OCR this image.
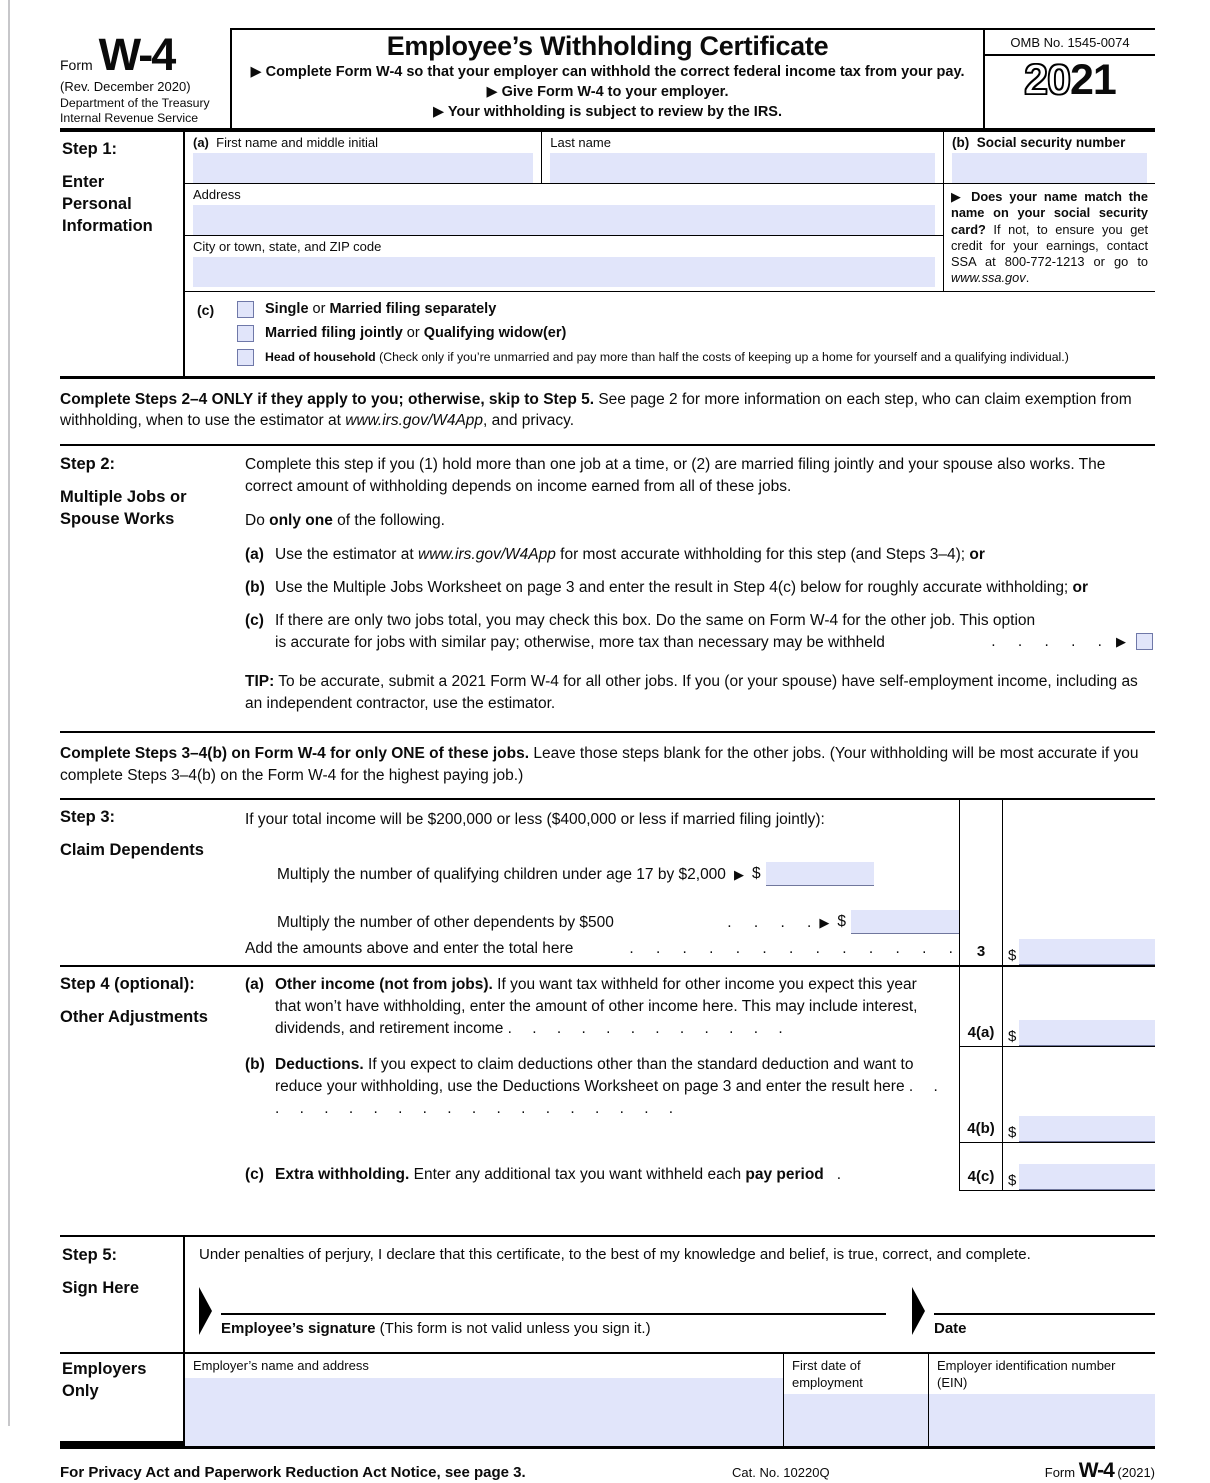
Form W-4
(Rev. December 2020)
Department of the Treasury
Internal Revenue Service
Employee’s Withholding Certificate
▶ Complete Form W-4 so that your employer can withhold the correct federal income tax from your pay.
▶ Give Form W-4 to your employer.
▶ Your withholding is subject to review by the IRS.
OMB No. 1545-0074
2021
Step 1:
Enter Personal Information
(a) First name and middle initial	Last name
Address
City or town, state, and ZIP code
(b) Social security number
▶ Does your name match the name on your social security card? If not, to ensure you get credit for your earnings, contact SSA at 800-772-1213 or go to www.ssa.gov.
(c)	Single or Married filing separately
Married filing jointly or Qualifying widow(er)
Head of household (Check only if you’re unmarried and pay more than half the costs of keeping up a home for yourself and a qualifying individual.)
Complete Steps 2–4 ONLY if they apply to you; otherwise, skip to Step 5. See page 2 for more information on each step, who can claim exemption from withholding, when to use the estimator at www.irs.gov/W4App, and privacy.
Step 2:
Multiple Jobs or Spouse Works
Complete this step if you (1) hold more than one job at a time, or (2) are married filing jointly and your spouse also works. The correct amount of withholding depends on income earned from all of these jobs.
Do only one of the following.
(a) Use the estimator at www.irs.gov/W4App for most accurate withholding for this step (and Steps 3–4); or
(b) Use the Multiple Jobs Worksheet on page 3 and enter the result in Step 4(c) below for roughly accurate withholding; or
(c) If there are only two jobs total, you may check this box. Do the same on Form W-4 for the other job. This option is accurate for jobs with similar pay; otherwise, more tax than necessary may be withheld	. . . . . ▶
TIP: To be accurate, submit a 2021 Form W-4 for all other jobs. If you (or your spouse) have self-employment income, including as an independent contractor, use the estimator.
Complete Steps 3–4(b) on Form W-4 for only ONE of these jobs. Leave those steps blank for the other jobs. (Your withholding will be most accurate if you complete Steps 3–4(b) on the Form W-4 for the highest paying job.)
Step 3:
Claim Dependents
If your total income will be $200,000 or less ($400,000 or less if married filing jointly):
Multiply the number of qualifying children under age 17 by $2,000 ▶ $
Multiply the number of other dependents by $500	. . . . ▶ $
Add the amounts above and enter the total here	. . . . . . . . . . . . .	3	$
Step 4 (optional):
Other Adjustments
(a) Other income (not from jobs). If you want tax withheld for other income you expect this year that won’t have withholding, enter the amount of other income here. This may include interest, dividends, and retirement income . . . . . . . . . . . .	4(a) $
(b) Deductions. If you expect to claim deductions other than the standard deduction and want to reduce your withholding, use the Deductions Worksheet on page 3 and enter the result here . . . . . . . . . . . . . . . . . . .
4(b) $
(c) Extra withholding. Enter any additional tax you want withheld each pay period .	4(c) $
Step 5:
Sign Here
Under penalties of perjury, I declare that this certificate, to the best of my knowledge and belief, is true, correct, and complete.
Employee’s signature (This form is not valid unless you sign it.)	Date
Employers Only
Employer’s name and address	First date of employment
Employer identification number (EIN)
For Privacy Act and Paperwork Reduction Act Notice, see page 3.	Cat. No. 10220Q	Form W-4 (2021)
